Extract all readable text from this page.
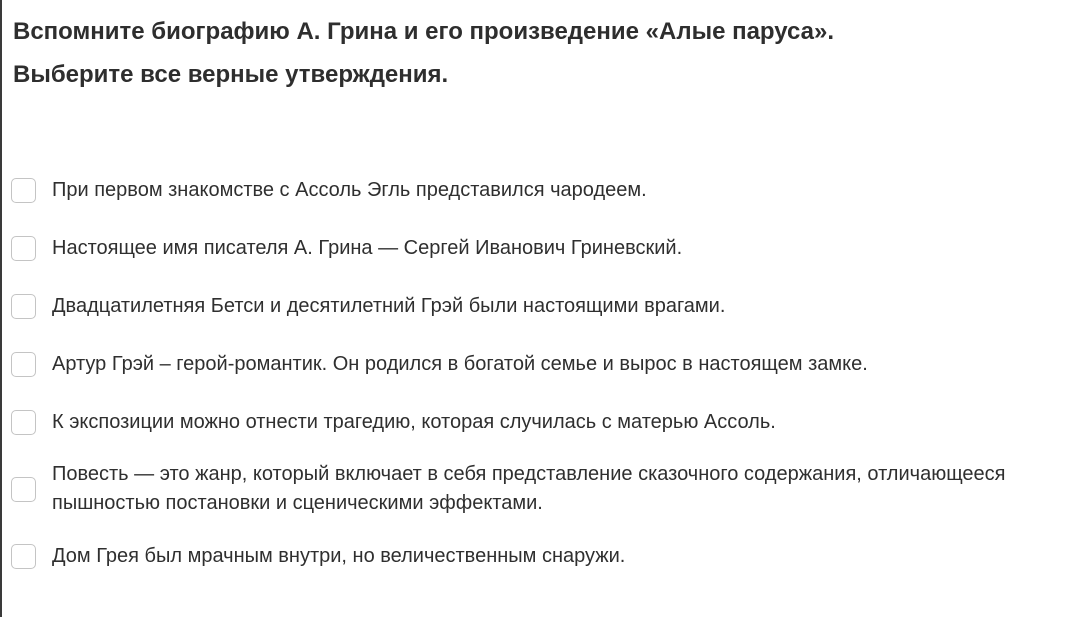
Вспомните биографию А. Грина и его произведение «Алые паруса».
Выберите все верные утверждения.
При первом знакомстве с Ассоль Эгль представился чародеем.
Настоящее имя писателя А. Грина — Сергей Иванович Гриневский.
Двадцатилетняя Бетси и десятилетний Грэй были настоящими врагами.
Артур Грэй – герой-романтик. Он родился в богатой семье и вырос в настоящем замке.
К экспозиции можно отнести трагедию, которая случилась с матерью Ассоль.
Повесть — это жанр, который включает в себя представление сказочного содержания, отличающееся
пышностью постановки и сценическими эффектами.
Дом Грея был мрачным внутри, но величественным снаружи.
